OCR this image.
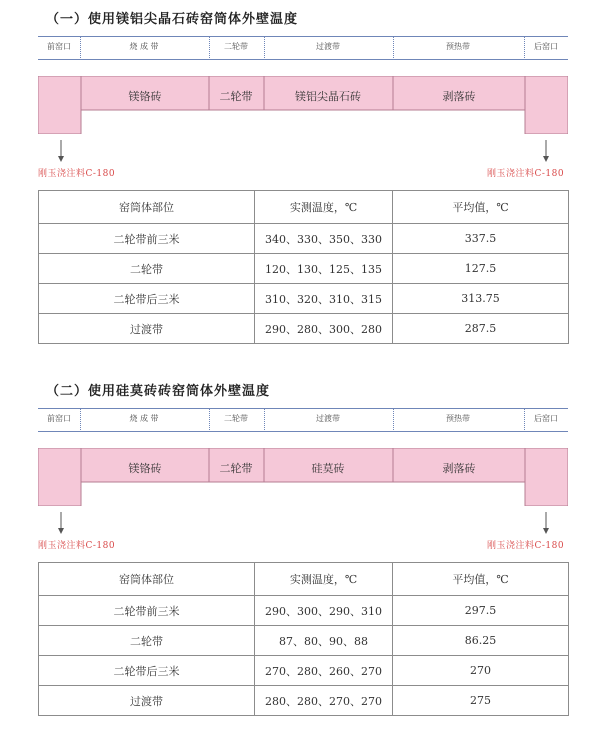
（一）使用镁铝尖晶石砖窑筒体外壁温度
前窑口	烧 成 带	二轮带	过渡带	预热带	后窑口
镁铬砖	二轮带	镁铝尖晶石砖	剥落砖
刚玉浇注料C-180	刚玉浇注料C-180
窑筒体部位	实测温度，℃	平均值，℃
二轮带前三米	340、330、350、330	337.5
二轮带	120、130、125、135	127.5
二轮带后三米	310、320、310、315	313.75
过渡带	290、280、300、280	287.5
（二）使用硅莫砖砖窑筒体外壁温度
前窑口	烧 成 带	二轮带	过渡带	预热带	后窑口
镁铬砖	二轮带	硅莫砖	剥落砖
刚玉浇注料C-180	刚玉浇注料C-180
窑筒体部位	实测温度，℃	平均值，℃
二轮带前三米	290、300、290、310	297.5
二轮带	87、80、90、88	86.25
二轮带后三米	270、280、260、270	270
过渡带	280、280、270、270	275
